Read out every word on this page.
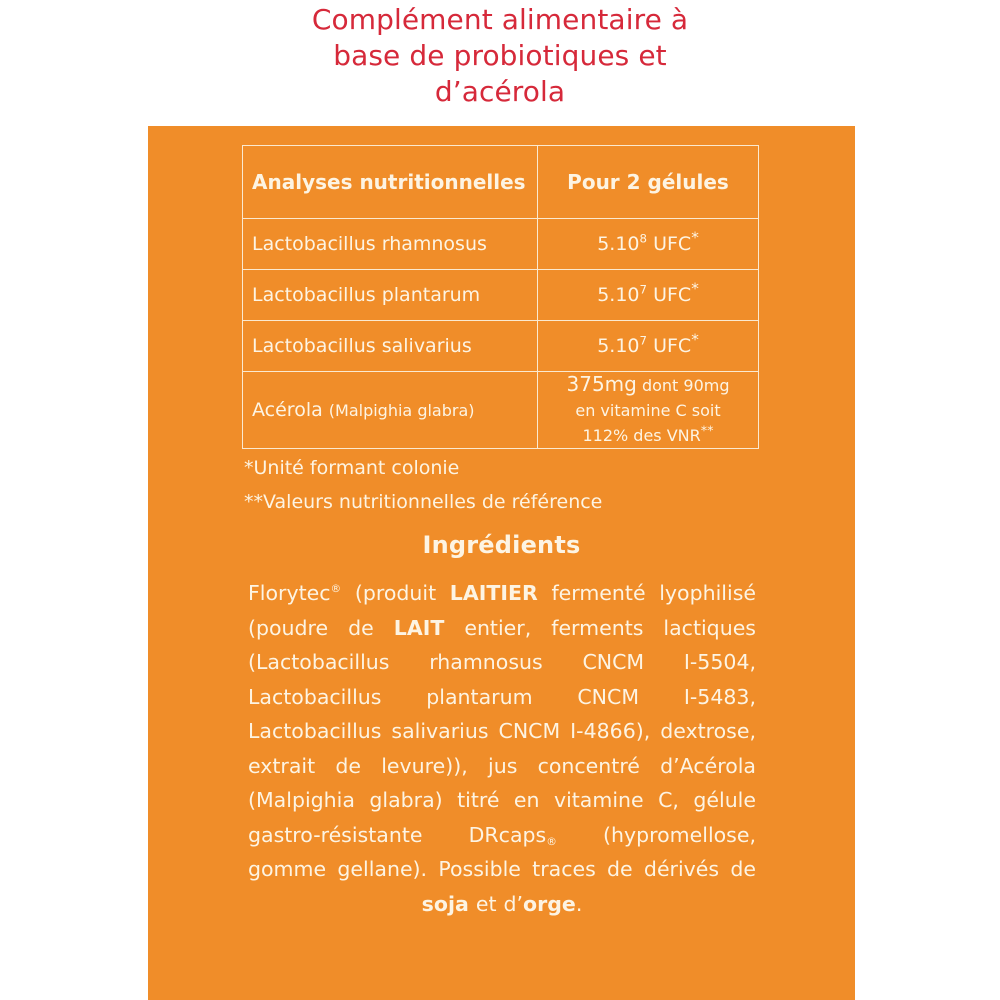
Complément alimentaire à
base de probiotiques et
d’acérola
Analyses nutritionnelles	Pour 2 gélules
Lactobacillus rhamnosus	5.10$^8$ UFC*
Lactobacillus plantarum	5.10$^7$ UFC*
Lactobacillus salivarius	5.10$^7$ UFC*
Acérola (Malpighia glabra)	375mg dont 90mg
en vitamine C soit
112% des VNR**
*Unité formant colonie
**Valeurs nutritionnelles de référence
Ingrédients
Florytec® (produit LAITIER fermenté lyophilisé (poudre de LAIT entier, ferments lactiques (Lactobacillus rhamnosus CNCM I-5504, Lactobacillus plantarum CNCM I-5483, Lactobacillus salivarius CNCM I-4866), dextrose, extrait de levure)), jus concentré d’Acérola (Malpighia glabra) titré en vitamine C, gélule gastro-résistante DRcaps® (hypromellose, gomme gellane). Possible traces de dérivés de soja et d’orge.
